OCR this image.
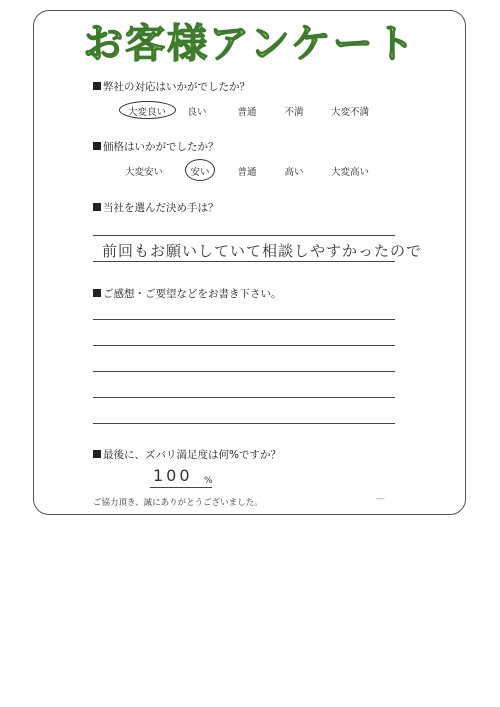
お客様アンケート
弊社の対応はいかがでしたか？
大変良い	良い	普通	不満	大変不満
価格はいかがでしたか？
大変安い	安い	普通	高い	大変高い
当社を選んだ決め手は？
前回もお願いしていて相談しやすかったので
ご感想・ご要望などをお書き下さい。
最後に、ズバリ満足度は何%ですか？
100 %
ご協力頂き、誠にありがとうございました。	—
